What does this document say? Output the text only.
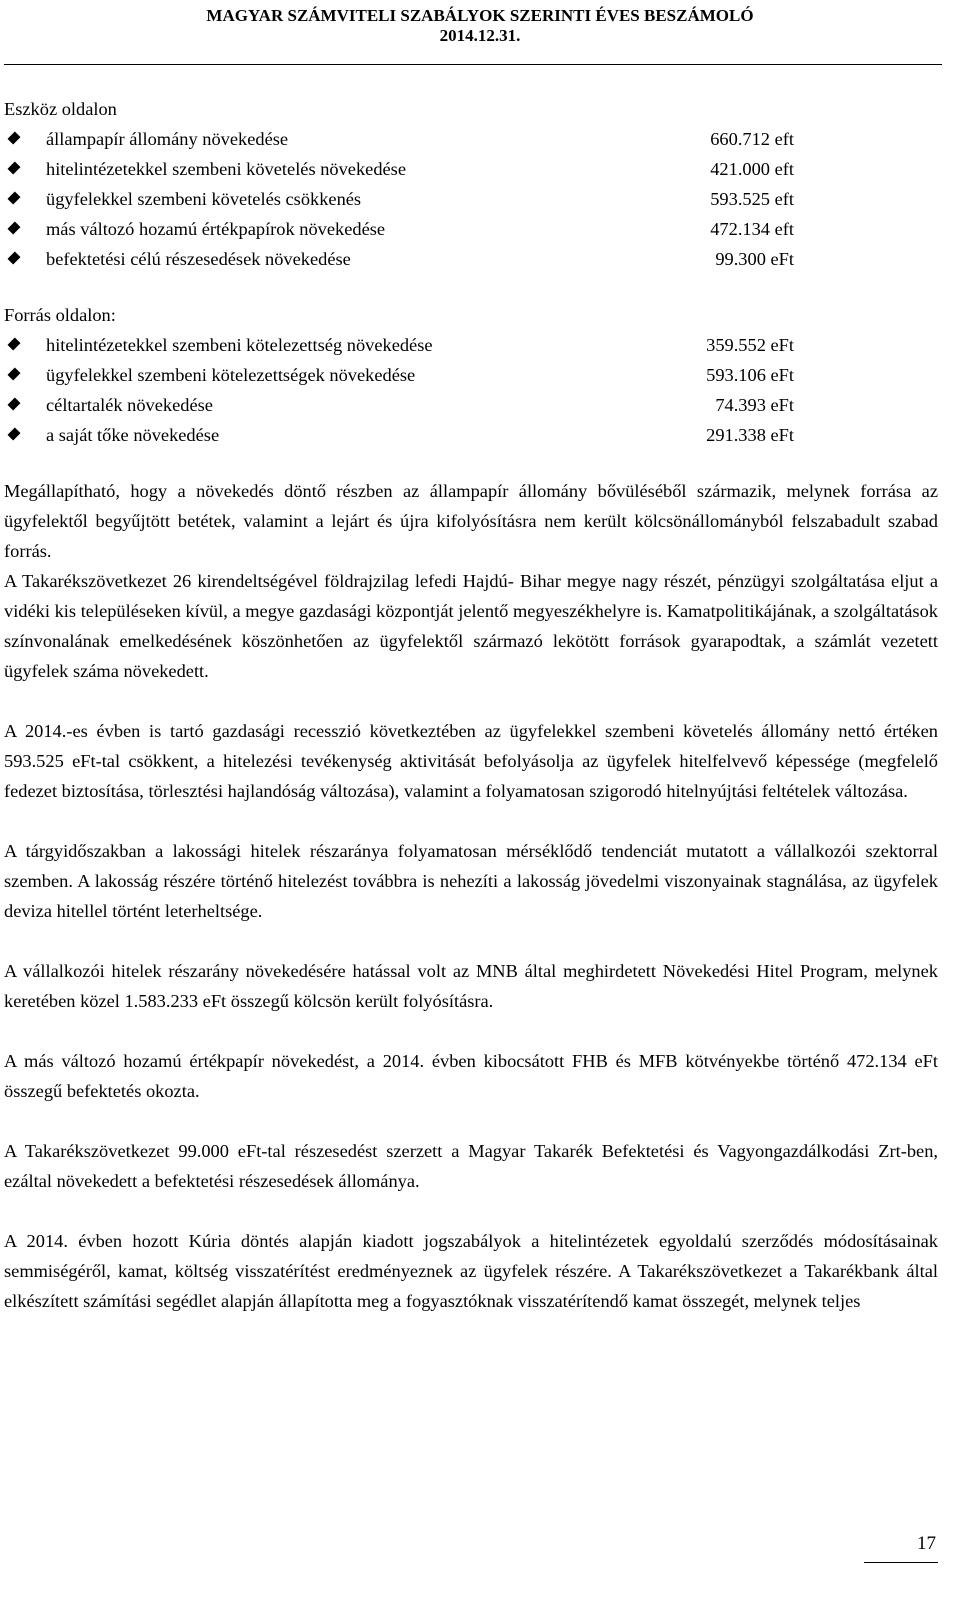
MAGYAR SZÁMVITELI SZABÁLYOK SZERINTI ÉVES BESZÁMOLÓ
2014.12.31.
Eszköz oldalon
állampapír állomány növekedése	660.712 eft
hitelintézetekkel szembeni követelés növekedése	421.000 eft
ügyfelekkel szembeni követelés csökkenés	593.525 eft
más változó hozamú értékpapírok növekedése	472.134 eft
befektetési célú részesedések növekedése	99.300 eFt
Forrás oldalon:
hitelintézetekkel szembeni kötelezettség növekedése	359.552 eFt
ügyfelekkel szembeni kötelezettségek növekedése	593.106 eFt
céltartalék növekedése	74.393 eFt
a saját tőke növekedése	291.338 eFt

Megállapítható, hogy a növekedés döntő részben az állampapír állomány bővüléséből származik, melynek forrása az ügyfelektől begyűjtött betétek, valamint a lejárt és újra kifolyósításra nem került kölcsönállományból felszabadult szabad forrás.

A Takarékszövetkezet 26 kirendeltségével földrajzilag lefedi Hajdú- Bihar megye nagy részét, pénzügyi szolgáltatása eljut a vidéki kis településeken kívül, a megye gazdasági központját jelentő megyeszékhelyre is. Kamatpolitikájának, a szolgáltatások színvonalának emelkedésének köszönhetően az ügyfelektől származó lekötött források gyarapodtak, a számlát vezetett ügyfelek száma növekedett.

A 2014.-es évben is tartó gazdasági recesszió következtében az ügyfelekkel szembeni követelés állomány nettó értéken 593.525 eFt-tal csökkent, a hitelezési tevékenység aktivitását befolyásolja az ügyfelek hitelfelvevő képessége (megfelelő fedezet biztosítása, törlesztési hajlandóság változása), valamint a folyamatosan szigorodó hitelnyújtási feltételek változása.

A tárgyidőszakban a lakossági hitelek részaránya folyamatosan mérséklődő tendenciát mutatott a vállalkozói szektorral szemben. A lakosság részére történő hitelezést továbbra is nehezíti a lakosság jövedelmi viszonyainak stagnálása, az ügyfelek deviza hitellel történt leterheltsége.

A vállalkozói hitelek részarány növekedésére hatással volt az MNB által meghirdetett Növekedési Hitel Program, melynek keretében közel 1.583.233 eFt összegű kölcsön került folyósításra.

A más változó hozamú értékpapír növekedést, a 2014. évben kibocsátott FHB és MFB kötvényekbe történő 472.134 eFt összegű befektetés okozta.

A Takarékszövetkezet 99.000 eFt-tal részesedést szerzett a Magyar Takarék Befektetési és Vagyongazdálkodási Zrt-ben, ezáltal növekedett a befektetési részesedések állománya.

A 2014. évben hozott Kúria döntés alapján kiadott jogszabályok a hitelintézetek egyoldalú szerződés módosításainak semmiségéről, kamat, költség visszatérítést eredményeznek az ügyfelek részére. A Takarékszövetkezet a Takarékbank által elkészített számítási segédlet alapján állapította meg a fogyasztóknak visszatérítendő kamat összegét, melynek teljes

17
